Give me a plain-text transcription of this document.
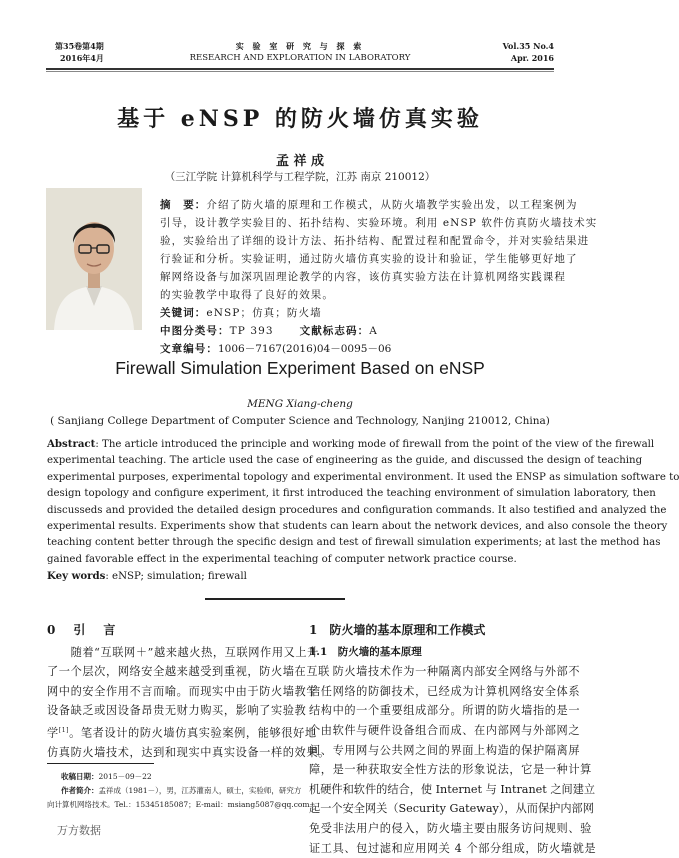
第35卷第4期
2016年4月
实 验 室 研 究 与 探 索
RESEARCH AND EXPLORATION IN LABORATORY
Vol.35 No.4
Apr. 2016
基于 eNSP 的防火墙仿真实验
孟 祥 成
（三江学院 计算机科学与工程学院，江苏 南京 210012）
摘　要：介绍了防火墙的原理和工作模式，从防火墙教学实验出发，以工程案例为
引导，设计教学实验目的、拓扑结构、实验环境。利用 eNSP 软件仿真防火墙技术实
验，实验给出了详细的设计方法、拓扑结构、配置过程和配置命令，并对实验结果进
行验证和分析。实验证明，通过防火墙仿真实验的设计和验证，学生能够更好地了
解网络设备与加深巩固理论教学的内容，该仿真实验方法在计算机网络实践课程
的实验教学中取得了良好的效果。
关键词：eNSP；仿真；防火墙
中图分类号：TP 393 文献标志码：A
文章编号：1006－7167(2016)04－0095－06
Firewall Simulation Experiment Based on eNSP
MENG Xiang-cheng
( Sanjiang College Department of Computer Science and Technology, Nanjing 210012, China)
Abstract: The article introduced the principle and working mode of firewall from the point of the view of the firewall
experimental teaching. The article used the case of engineering as the guide, and discussed the design of teaching
experimental purposes, experimental topology and experimental environment. It used the ENSP as simulation software to
design topology and configure experiment, it first introduced the teaching environment of simulation laboratory, then
discusseds and provided the detailed design procedures and configuration commands. It also testified and analyzed the
experimental results. Experiments show that students can learn about the network devices, and also console the theory
teaching content better through the specific design and test of firewall simulation experiments; at last the method has
gained favorable effect in the experimental teaching of computer network practice course.
Key words: eNSP; simulation; firewall
0　引　言
　　随着“互联网＋”越来越火热，互联网作用又上升
了一个层次，网络安全越来越受到重视，防火墙在互联
网中的安全作用不言而喻。而现实中由于防火墙教学
设备缺乏或因设备昂贵无财力购买，影响了实验教
学[1]。笔者设计的防火墙仿真实验案例，能够很好地
仿真防火墙技术，达到和现实中真实设备一样的效果。
收稿日期：2015－09－22
作者简介：孟祥成（1981－），男，江苏灌南人，硕士，实验师，研究方
向计算机网络技术。Tel.：15345185087；E-mail：msiang5087@qq.com
万方数据
1　防火墙的基本原理和工作模式
1.1　防火墙的基本原理
　　防火墙技术作为一种隔离内部安全网络与外部不
信任网络的防御技术，已经成为计算机网络安全体系
结构中的一个重要组成部分。所谓的防火墙指的是一
个由软件与硬件设备组合而成、在内部网与外部网之
间、专用网与公共网之间的界面上构造的保护隔离屏
障，是一种获取安全性方法的形象说法，它是一种计算
机硬件和软件的结合，使 Internet 与 Intranet 之间建立
起一个安全网关（Security Gateway），从而保护内部网
免受非法用户的侵入，防火墙主要由服务访问规则、验
证工具、包过滤和应用网关 4 个部分组成，防火墙就是
